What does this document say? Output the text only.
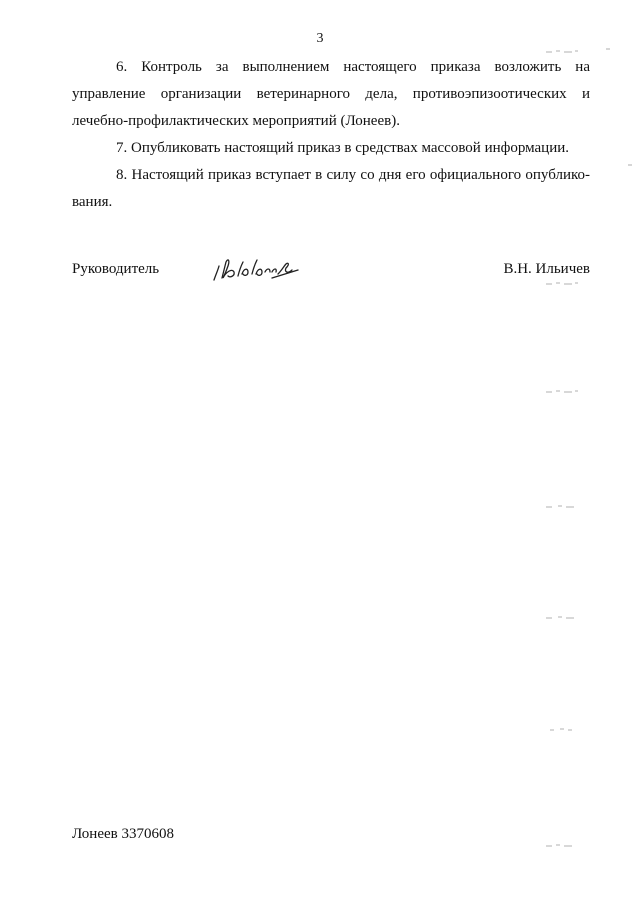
3

6. Контроль за выполнением настоящего приказа возложить на управление организации ветеринарного дела, противоэпизоотических и лечебно-профилактических мероприятий (Лонеев).

7. Опубликовать настоящий приказ в средствах массовой информации.

8. Настоящий приказ вступает в силу со дня его официального опублико-вания.

Руководитель	В.Н. Ильичев
Лонеев 3370608
